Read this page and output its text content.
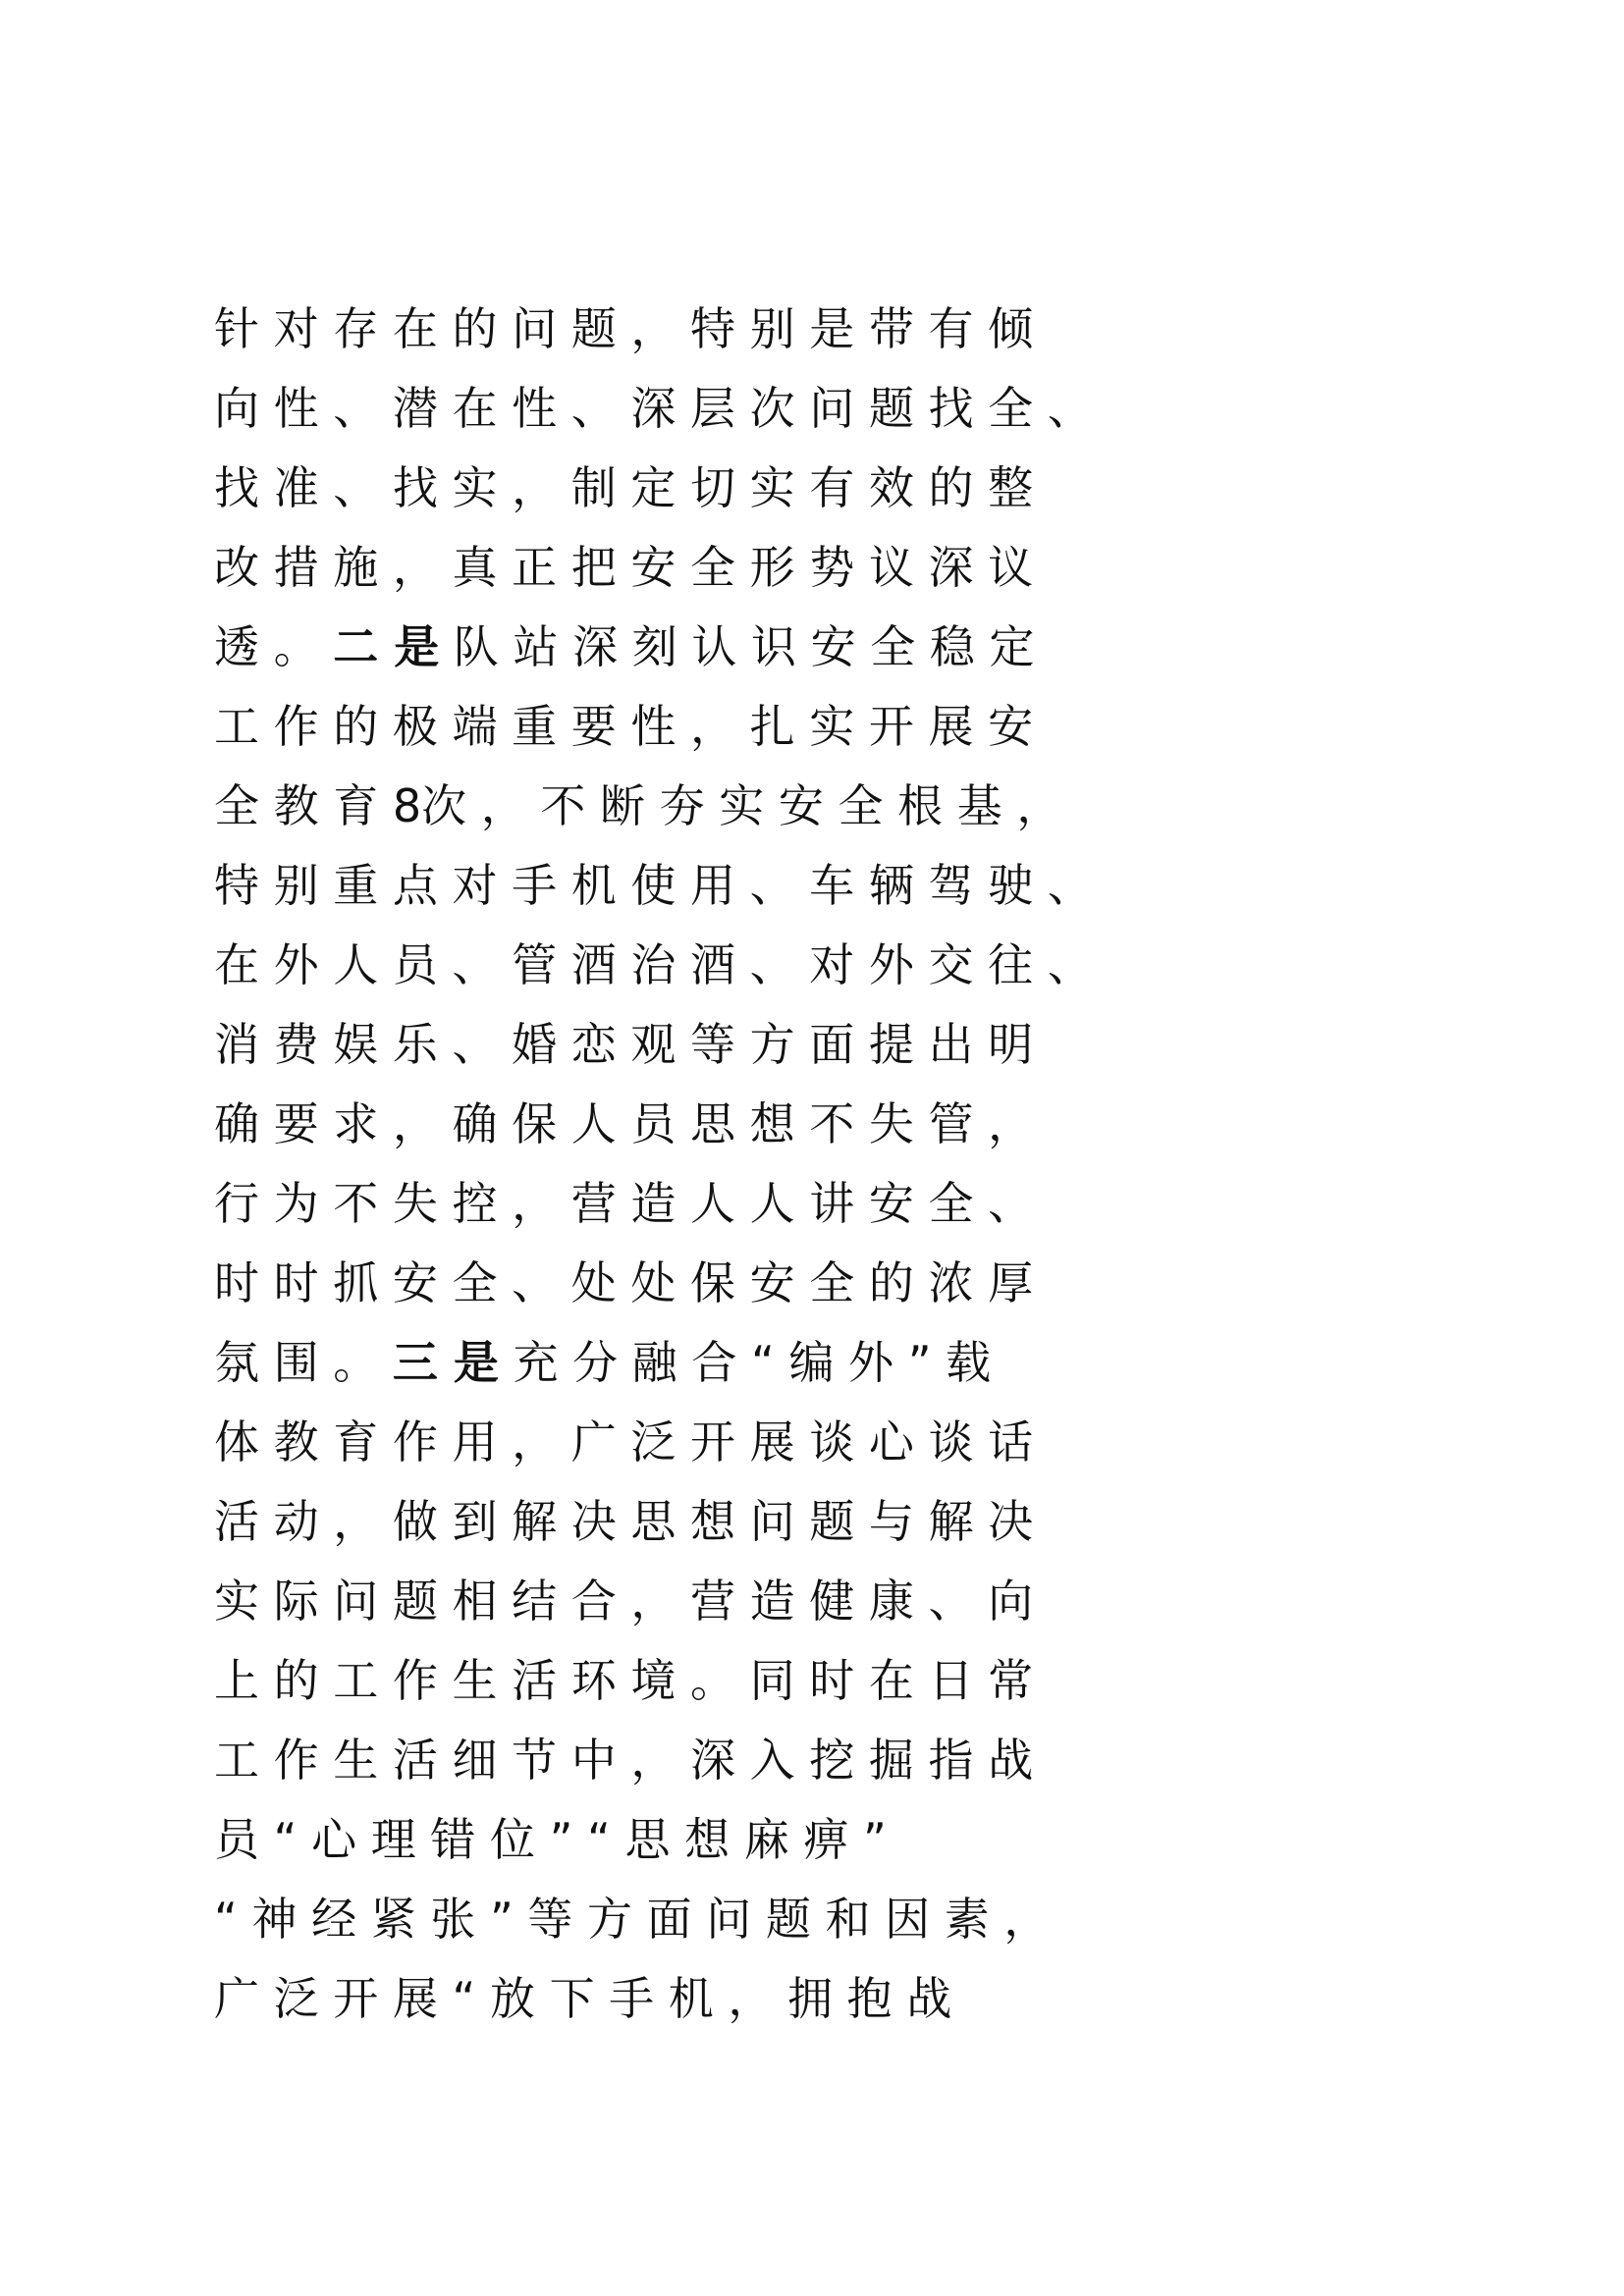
针 对 存 在 的 问 题 ， 特 别 是 带 有 倾
向 性 、 潜 在 性 、 深 层 次 问 题 找 全 、
找 准 、 找 实 ， 制 定 切 实 有 效 的 整
改 措 施 ， 真 正 把 安 全 形 势 议 深 议
透 。 二 是 队 站 深 刻 认 识 安 全 稳 定
工 作 的 极 端 重 要 性 ， 扎 实 开 展 安
全 教 育 8次 ， 不 断 夯 实 安 全 根 基 ，
特 别 重 点 对 手 机 使 用 、 车 辆 驾 驶 、
在 外 人 员 、 管 酒 治 酒 、 对 外 交 往 、
消 费 娱 乐 、 婚 恋 观 等 方 面 提 出 明
确 要 求 ， 确 保 人 员 思 想 不 失 管 ，
行 为 不 失 控 ， 营 造 人 人 讲 安 全 、
时 时 抓 安 全 、 处 处 保 安 全 的 浓 厚
氛 围 。 三 是 充 分 融 合 “ 编 外 ” 载
体 教 育 作 用 ， 广 泛 开 展 谈 心 谈 话
活 动 ， 做 到 解 决 思 想 问 题 与 解 决
实 际 问 题 相 结 合 ， 营 造 健 康 、 向
上 的 工 作 生 活 环 境 。 同 时 在 日 常
工 作 生 活 细 节 中 ， 深 入 挖 掘 指 战
员 “ 心 理 错 位 ” “ 思 想 麻 痹 ”
“ 神 经 紧 张 ” 等 方 面 问 题 和 因 素 ，
广 泛 开 展 “ 放 下 手 机 ， 拥 抱 战
